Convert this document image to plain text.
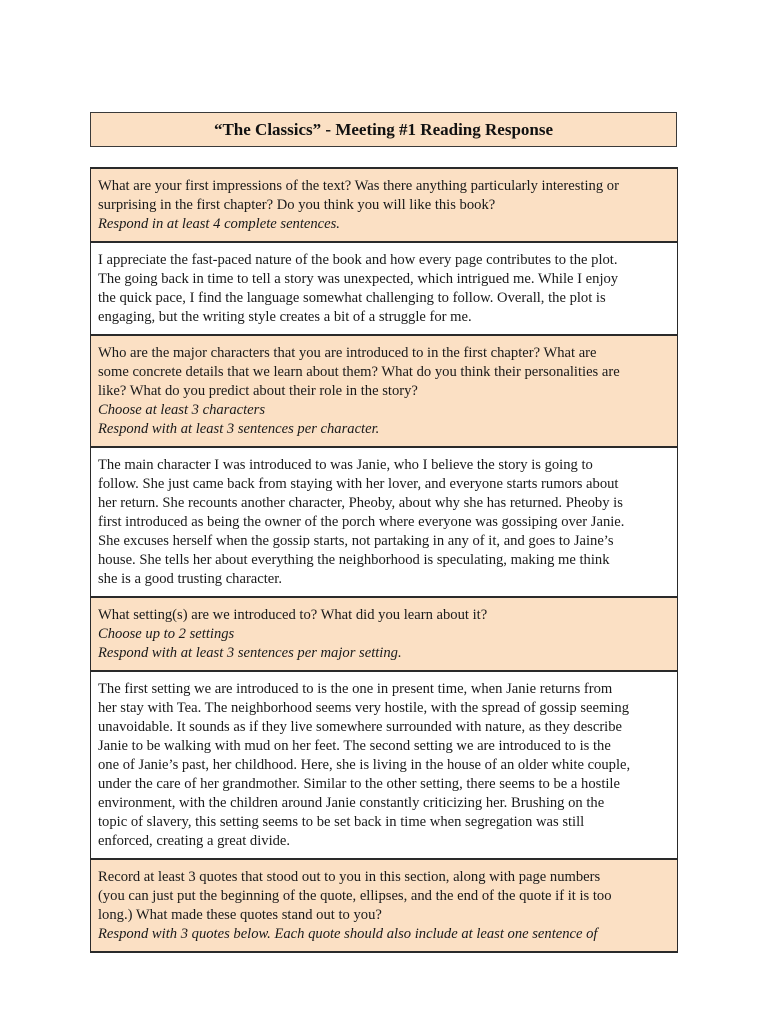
“The Classics” - Meeting #1 Reading Response
What are your first impressions of the text? Was there anything particularly interesting or
surprising in the first chapter? Do you think you will like this book?
Respond in at least 4 complete sentences.
I appreciate the fast-paced nature of the book and how every page contributes to the plot.
The going back in time to tell a story was unexpected, which intrigued me. While I enjoy
the quick pace, I find the language somewhat challenging to follow. Overall, the plot is
engaging, but the writing style creates a bit of a struggle for me.
Who are the major characters that you are introduced to in the first chapter? What are
some concrete details that we learn about them? What do you think their personalities are
like? What do you predict about their role in the story?
Choose at least 3 characters
Respond with at least 3 sentences per character.
The main character I was introduced to was Janie, who I believe the story is going to
follow. She just came back from staying with her lover, and everyone starts rumors about
her return. She recounts another character, Pheoby, about why she has returned. Pheoby is
first introduced as being the owner of the porch where everyone was gossiping over Janie.
She excuses herself when the gossip starts, not partaking in any of it, and goes to Jaine’s
house. She tells her about everything the neighborhood is speculating, making me think
she is a good trusting character.
What setting(s) are we introduced to? What did you learn about it?
Choose up to 2 settings
Respond with at least 3 sentences per major setting.
The first setting we are introduced to is the one in present time, when Janie returns from
her stay with Tea. The neighborhood seems very hostile, with the spread of gossip seeming
unavoidable. It sounds as if they live somewhere surrounded with nature, as they describe
Janie to be walking with mud on her feet. The second setting we are introduced to is the
one of Janie’s past, her childhood. Here, she is living in the house of an older white couple,
under the care of her grandmother. Similar to the other setting, there seems to be a hostile
environment, with the children around Janie constantly criticizing her. Brushing on the
topic of slavery, this setting seems to be set back in time when segregation was still
enforced, creating a great divide.
Record at least 3 quotes that stood out to you in this section, along with page numbers
(you can just put the beginning of the quote, ellipses, and the end of the quote if it is too
long.) What made these quotes stand out to you?
Respond with 3 quotes below. Each quote should also include at least one sentence of
